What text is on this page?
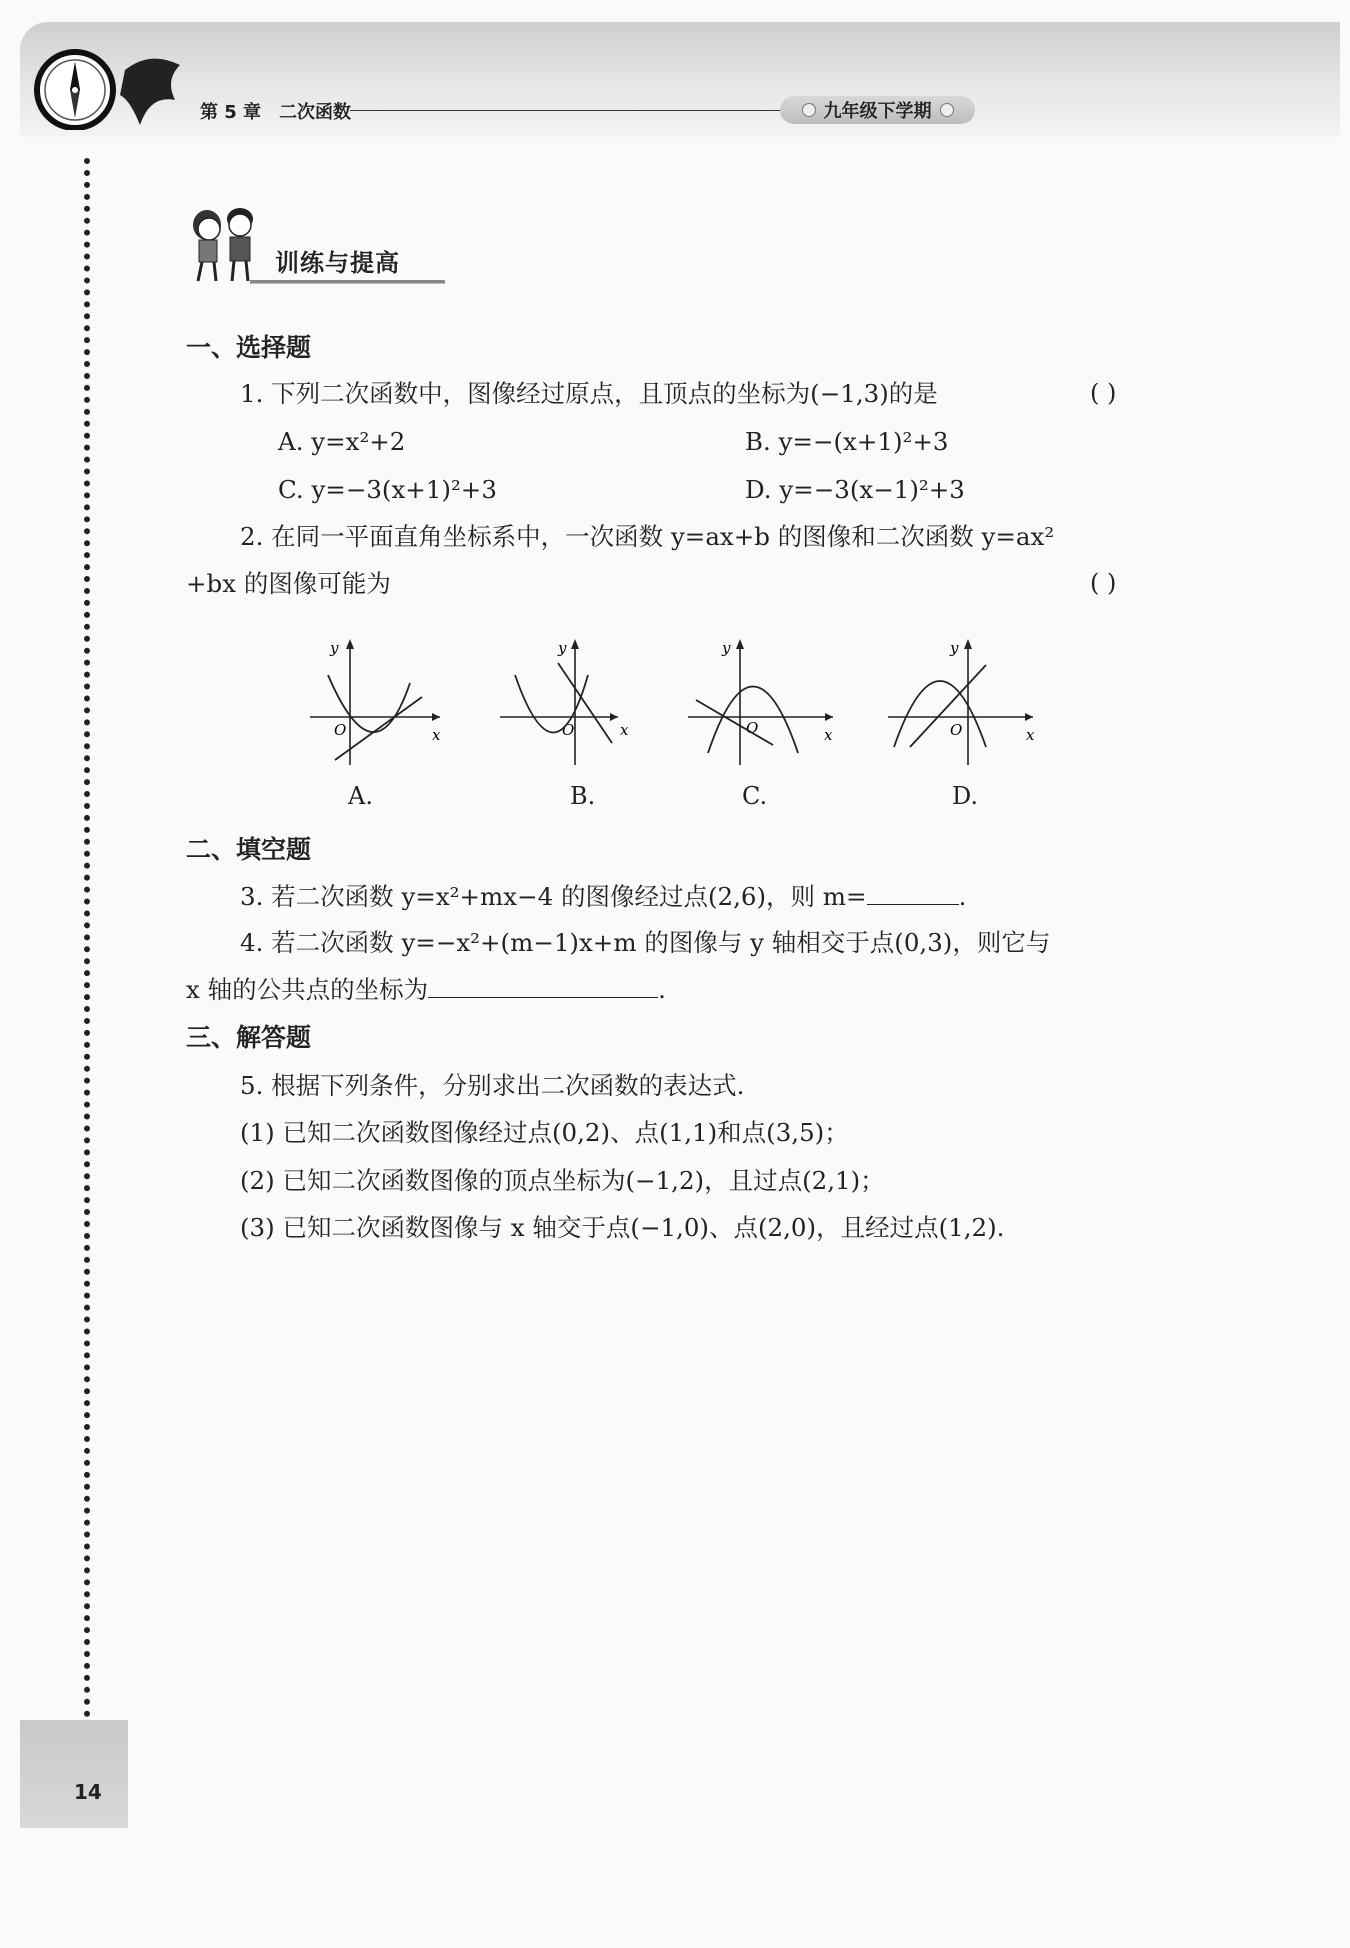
第 5 章 二次函数	九年级下学期
训练与提高
一、选择题
1. 下列二次函数中，图像经过原点，且顶点的坐标为(−1,3)的是	( )
A. y=x²+2	B. y=−(x+1)²+3
C. y=−3(x+1)²+3	D. y=−3(x−1)²+3
2. 在同一平面直角坐标系中，一次函数 y=ax+b 的图像和二次函数 y=ax²
+bx 的图像可能为	( )
y
x
O
A.
y
x
O
B.
y
x
O
C.
y
x
O
D.
二、填空题
3. 若二次函数 y=x²+mx−4 的图像经过点(2,6)，则 m=	.
4. 若二次函数 y=−x²+(m−1)x+m 的图像与 y 轴相交于点(0,3)，则它与
x 轴的公共点的坐标为	.
三、解答题
5. 根据下列条件，分别求出二次函数的表达式.
(1) 已知二次函数图像经过点(0,2)、点(1,1)和点(3,5)；
(2) 已知二次函数图像的顶点坐标为(−1,2)，且过点(2,1)；
(3) 已知二次函数图像与 x 轴交于点(−1,0)、点(2,0)，且经过点(1,2).
14
